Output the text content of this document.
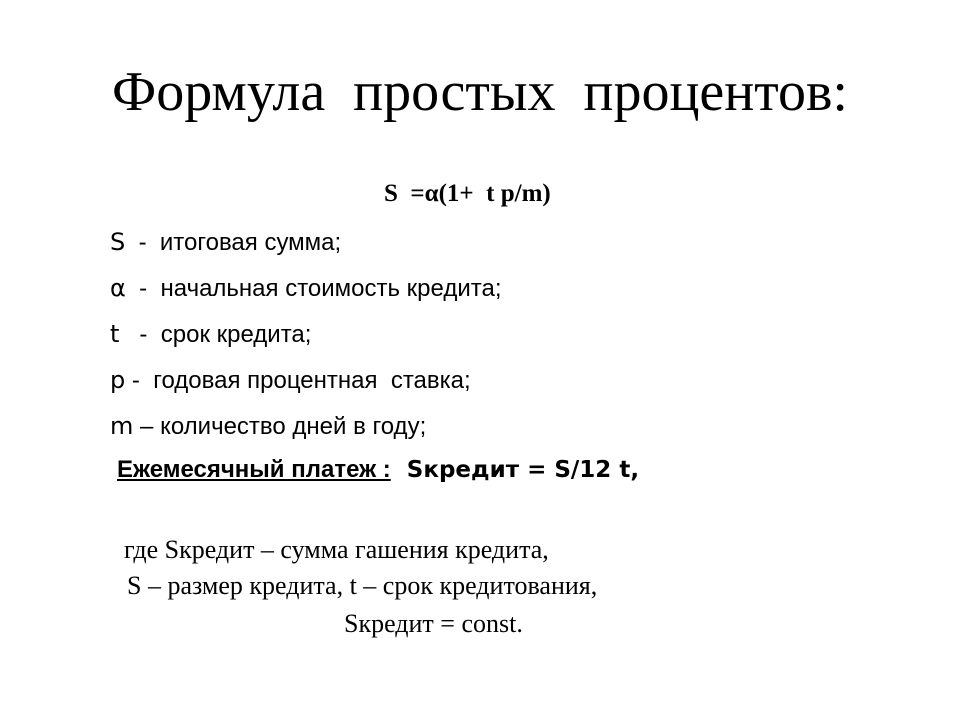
Формула  простых  процентов:
S  =α(1+  t p/m)
S  -  итоговая сумма;
α  -  начальная стоимость кредита;
t   -  срок кредита;
p -  годовая процентная  ставка;
m – количество дней в году;
Ежемесячный платеж :  Sкредит = S/12 t,
где Sкредит – сумма гашения кредита,
S – размер кредита, t – срок кредитования,
Sкредит = const.
